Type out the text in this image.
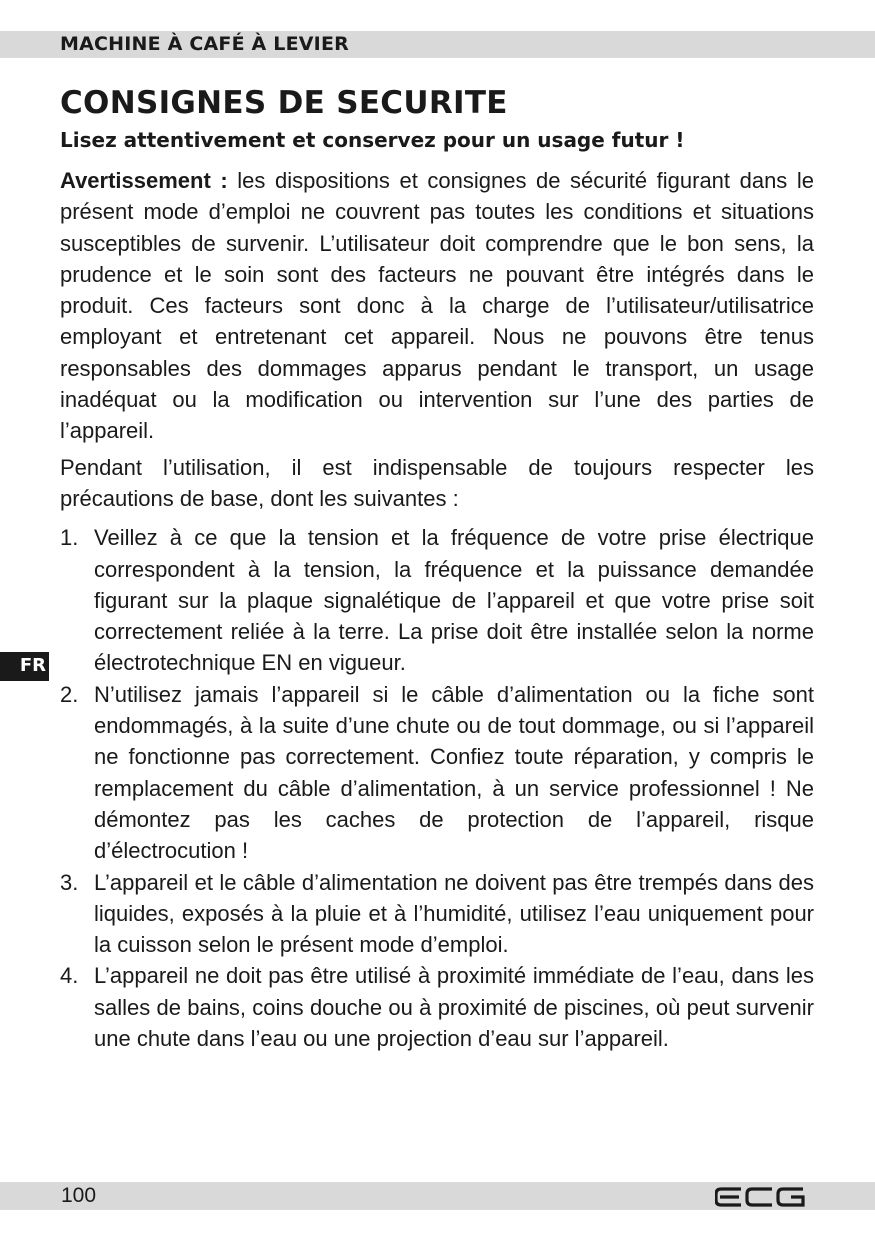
MACHINE À CAFÉ À LEVIER
FR
CONSIGNES DE SECURITE
Lisez attentivement et conservez pour un usage futur !

Avertissement : les dispositions et consignes de sécurité figurant dans le présent mode d’emploi ne couvrent pas toutes les conditions et situations susceptibles de survenir. L’utilisateur doit comprendre que le bon sens, la prudence et le soin sont des facteurs ne pouvant être intégrés dans le produit. Ces facteurs sont donc à la charge de l’utilisateur/utilisatrice employant et entretenant cet appareil. Nous ne pouvons être tenus responsables des dommages apparus pendant le transport, un usage inadéquat ou la modification ou intervention sur l’une des parties de l’appareil.

Pendant l’utilisation, il est indispensable de toujours respecter les précautions de base, dont les suivantes :

1. Veillez à ce que la tension et la fréquence de votre prise électrique correspondent à la tension, la fréquence et la puissance demandée figurant sur la plaque signalétique de l’appareil et que votre prise soit correctement reliée à la terre. La prise doit être installée selon la norme électrotechnique EN en vigueur.
2. N’utilisez jamais l’appareil si le câble d’alimentation ou la fiche sont endommagés, à la suite d’une chute ou de tout dommage, ou si l’appareil ne fonctionne pas correctement. Confiez toute réparation, y compris le remplacement du câble d’alimentation, à un service professionnel ! Ne démontez pas les caches de protection de l’appareil, risque d’électrocution !
3. L’appareil et le câble d’alimentation ne doivent pas être trempés dans des liquides, exposés à la pluie et à l’humidité, utilisez l’eau uniquement pour la cuisson selon le présent mode d’emploi.
4. L’appareil ne doit pas être utilisé à proximité immédiate de l’eau, dans les salles de bains, coins douche ou à proximité de piscines, où peut survenir une chute dans l’eau ou une projection d’eau sur l’appareil.
100
